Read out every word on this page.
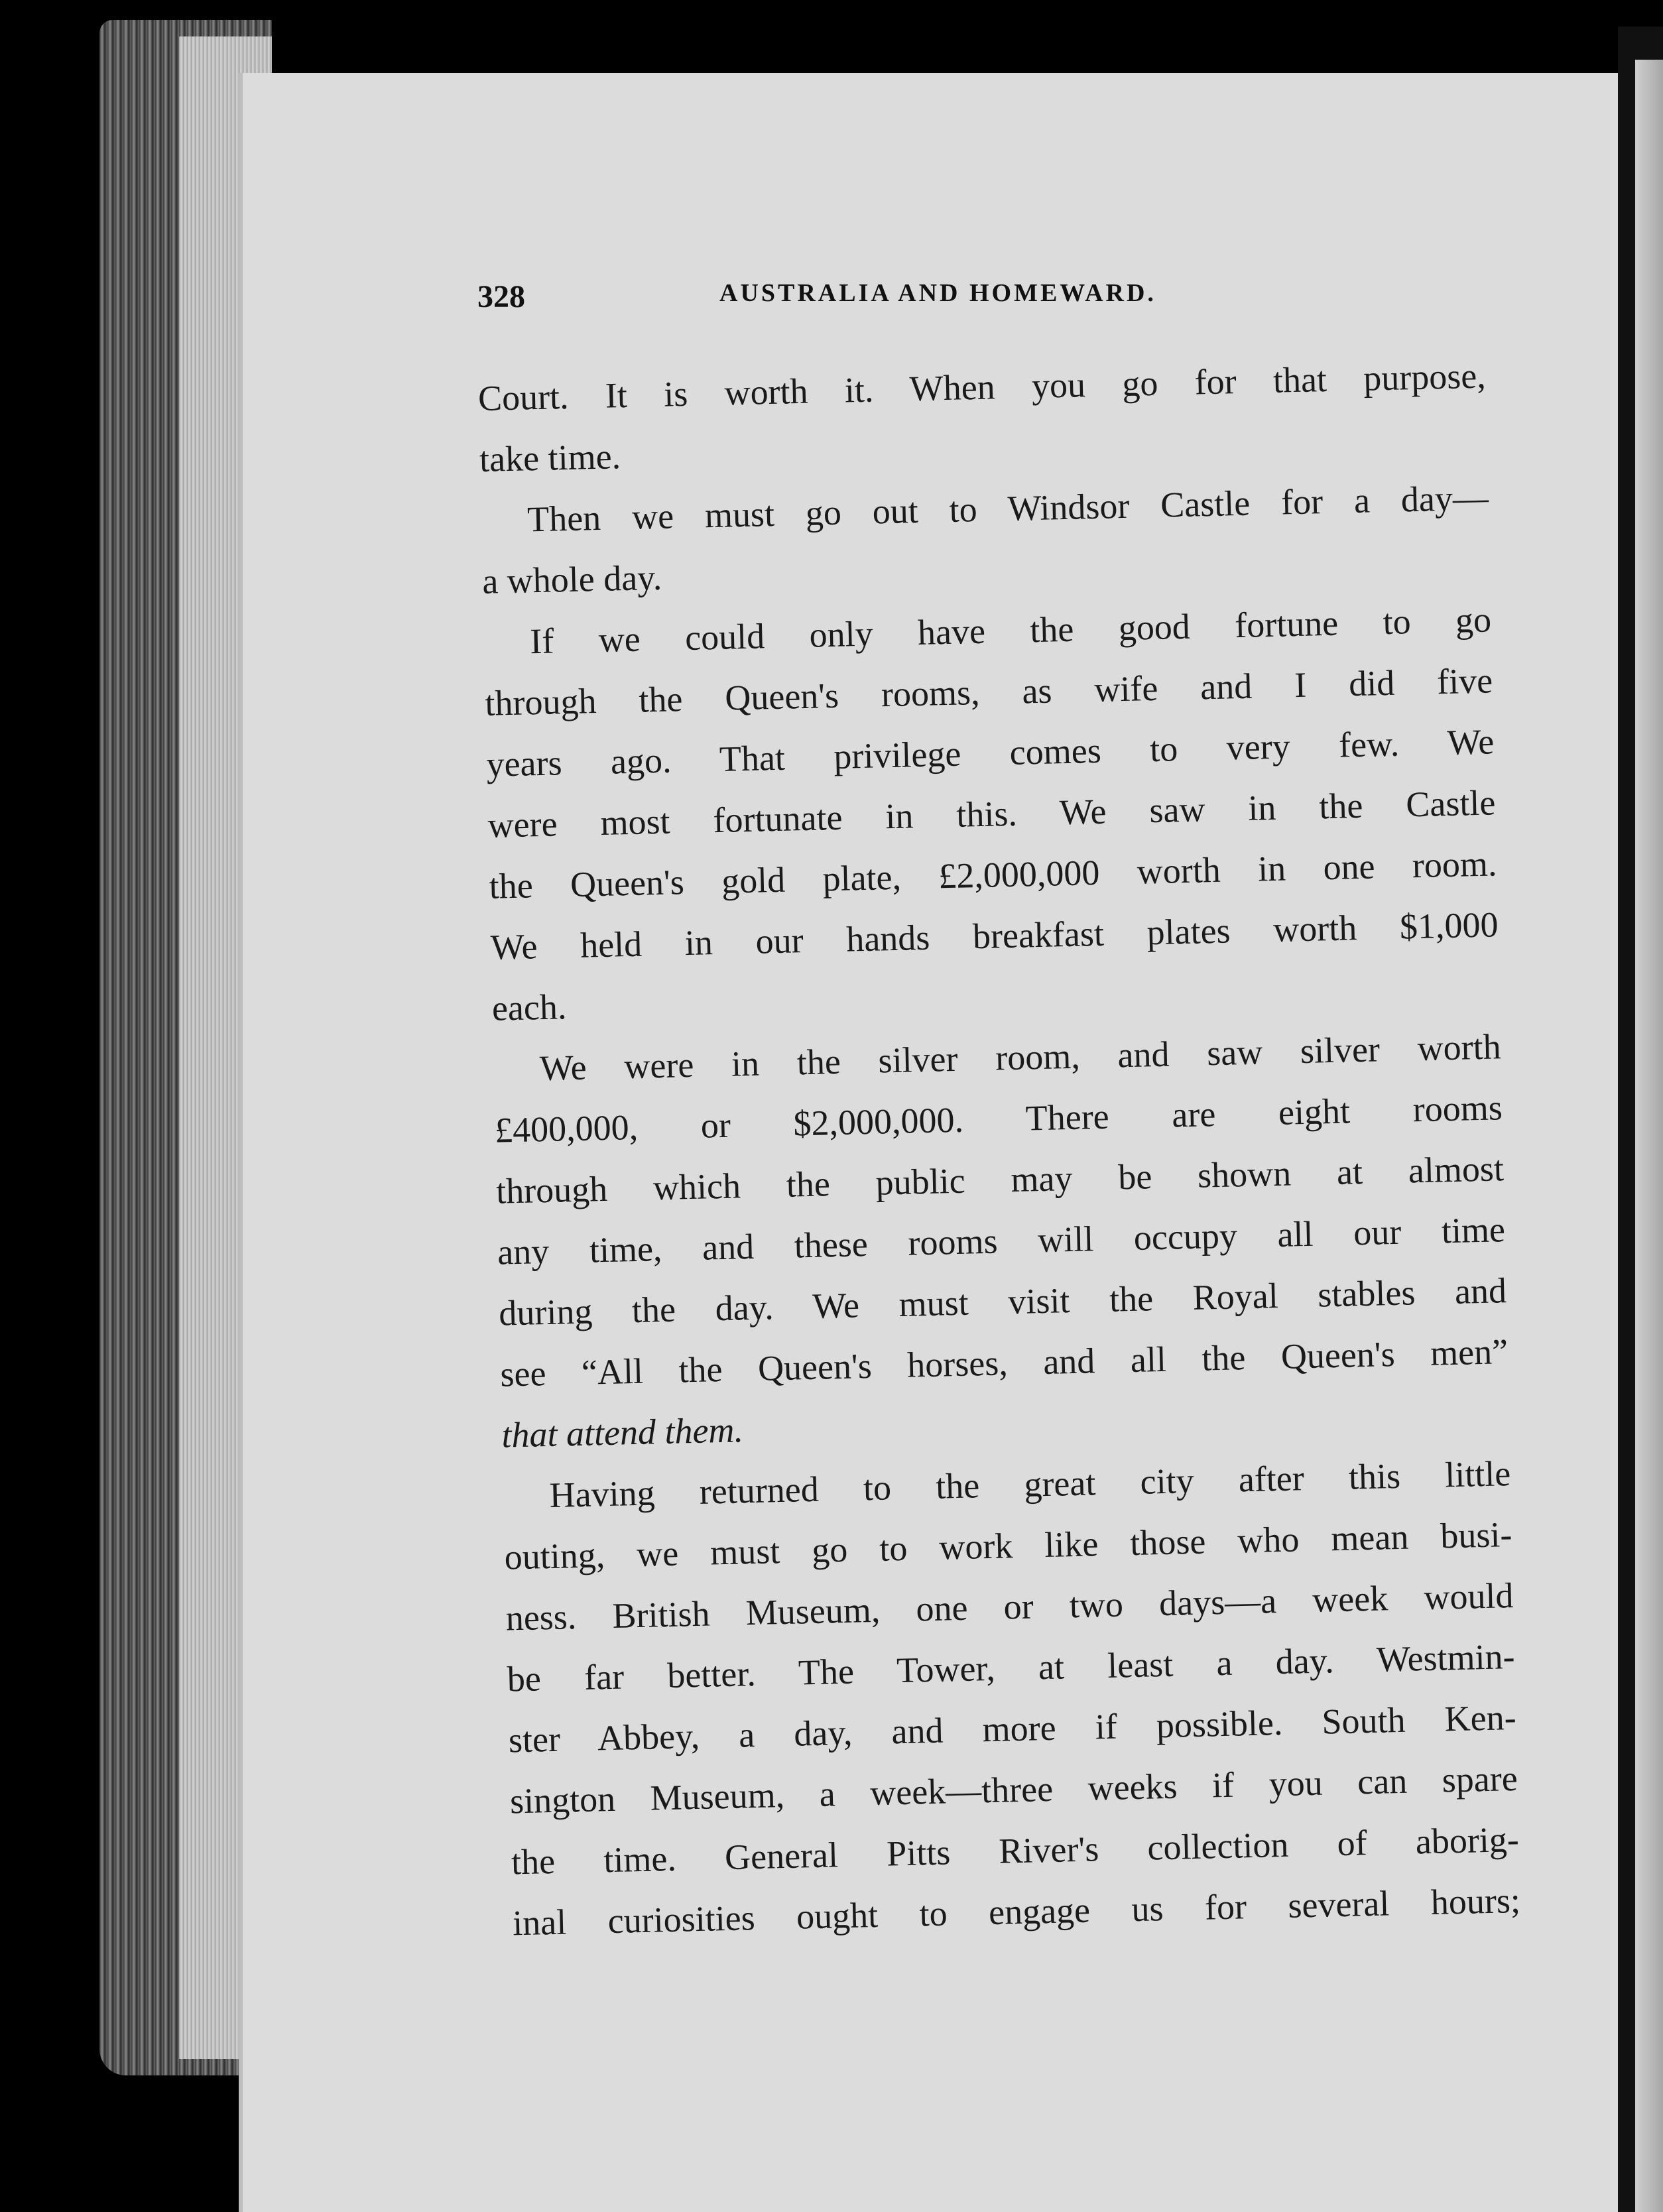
328	AUSTRALIA AND HOMEWARD.
Court. It is worth it. When you go for that purpose,
take time.
Then we must go out to Windsor Castle for a day—
a whole day.
If we could only have the good fortune to go
through the Queen's rooms, as wife and I did five
years ago. That privilege comes to very few. We
were most fortunate in this. We saw in the Castle
the Queen's gold plate, £2,000,000 worth in one room.
We held in our hands breakfast plates worth $1,000
each.
We were in the silver room, and saw silver worth
£400,000, or $2,000,000. There are eight rooms
through which the public may be shown at almost
any time, and these rooms will occupy all our time
during the day. We must visit the Royal stables and
see “All the Queen's horses, and all the Queen's men”
that attend them.
Having returned to the great city after this little
outing, we must go to work like those who mean busi-
ness. British Museum, one or two days—a week would
be far better. The Tower, at least a day. Westmin-
ster Abbey, a day, and more if possible. South Ken-
sington Museum, a week—three weeks if you can spare
the time. General Pitts River's collection of aborig-
inal curiosities ought to engage us for several hours;
